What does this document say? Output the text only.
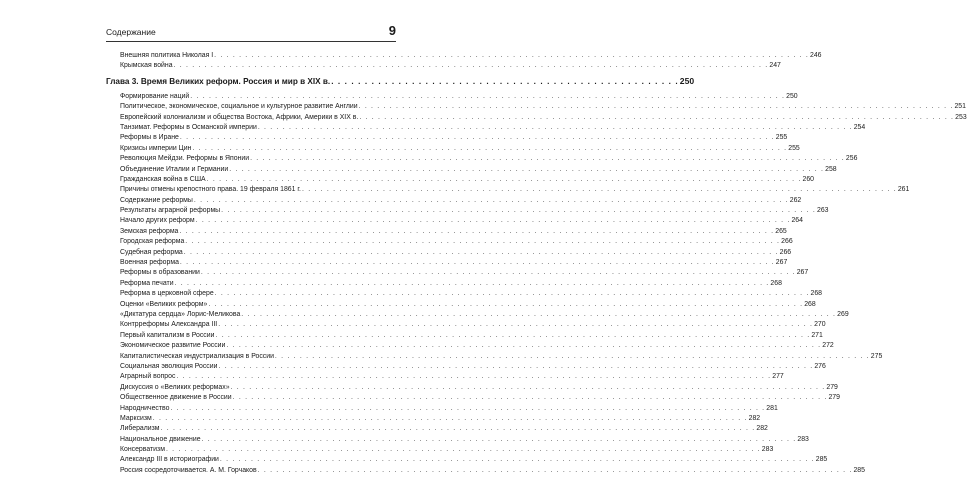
Содержание	9
Внешняя политика Николая I . . .	246
Крымская война . . .	247
Глава 3. Время Великих реформ. Россия и мир в XIX в. . . .	250
Формирование наций . . .	250
Политическое, экономическое, социальное и культурное развитие Англии . . .	251
Европейский колониализм и общества Востока, Африки, Америки в XIX в. . . .	253
Танзимат. Реформы в Османской империи . . .	254
Реформы в Иране . . .	255
Кризисы империи Цин . . .	255
Революция Мейдзи. Реформы в Японии . . .	256
Объединение Италии и Германии . . .	258
Гражданская война в США . . .	260
Причины отмены крепостного права. 19 февраля 1861 г. . . .	261
Содержание реформы . . .	262
Результаты аграрной реформы . . .	263
Начало других реформ . . .	264
Земская реформа . . .	265
Городская реформа . . .	266
Судебная реформа . . .	266
Военная реформа . . .	267
Реформы в образовании . . .	267
Реформа печати . . .	268
Реформа в церковной сфере . . .	268
Оценки «Великих реформ» . . .	268
«Диктатура сердца» Лорис-Меликова . . .	269
Контрреформы Александра III . . .	270
Первый капитализм в России . . .	271
Экономическое развитие России . . .	272
Капиталистическая индустриализация в России . . .	275
Социальная эволюция России . . .	276
Аграрный вопрос . . .	277
Дискуссия о «Великих реформах» . . .	279
Общественное движение в России . . .	279
Народничество . . .	281
Марксизм . . .	282
Либерализм . . .	282
Национальное движение . . .	283
Консерватизм . . .	283
Александр III в историографии . . .	285
Россия сосредоточивается. А. М. Горчаков . . .	285
